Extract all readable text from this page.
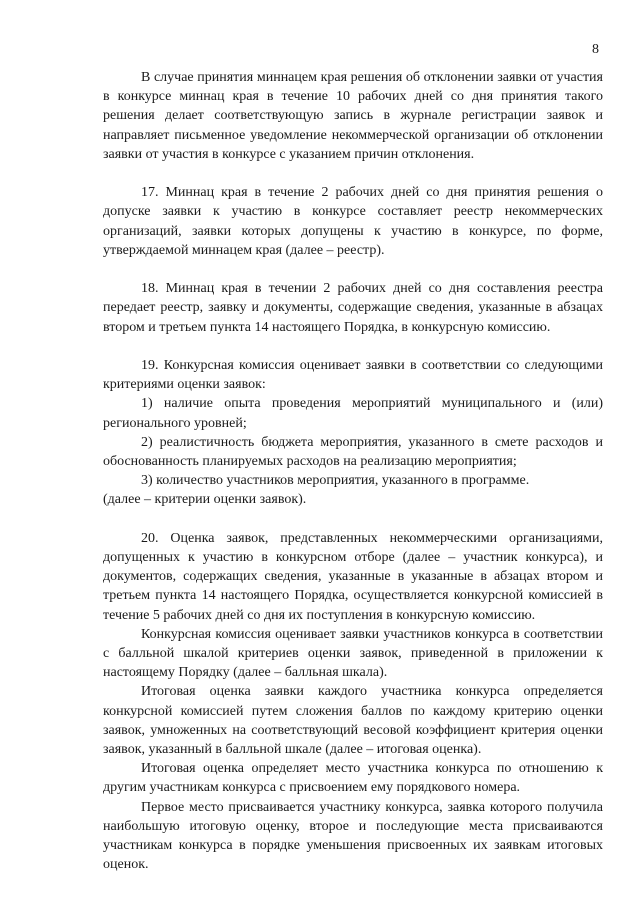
8

В случае принятия миннацем края решения об отклонении заявки от участия в конкурсе миннац края в течение 10 рабочих дней со дня принятия такого решения делает соответствующую запись в журнале регистрации заявок и направляет письменное уведомление некоммерческой организации об отклонении заявки от участия в конкурсе с указанием причин отклонения.

17. Миннац края в течение 2 рабочих дней со дня принятия решения о допуске заявки к участию в конкурсе составляет реестр некоммерческих организаций, заявки которых допущены к участию в конкурсе, по форме, утверждаемой миннацем края (далее – реестр).

18. Миннац края в течении 2 рабочих дней со дня составления реестра передает реестр, заявку и документы, содержащие сведения, указанные в абзацах втором и третьем пункта 14 настоящего Порядка, в конкурсную комиссию.

19. Конкурсная комиссия оценивает заявки в соответствии со следующими критериями оценки заявок:

1) наличие опыта проведения мероприятий муниципального и (или) регионального уровней;

2) реалистичность бюджета мероприятия, указанного в смете расходов и обоснованность планируемых расходов на реализацию мероприятия;

3) количество участников мероприятия, указанного в программе.

(далее – критерии оценки заявок).

20. Оценка заявок, представленных некоммерческими организациями, допущенных к участию в конкурсном отборе (далее – участник конкурса), и документов, содержащих сведения, указанные в указанные в абзацах втором и третьем пункта 14 настоящего Порядка, осуществляется конкурсной комиссией в течение 5 рабочих дней со дня их поступления в конкурсную комиссию.

Конкурсная комиссия оценивает заявки участников конкурса в соответствии с балльной шкалой критериев оценки заявок, приведенной в приложении к настоящему Порядку (далее – балльная шкала).

Итоговая оценка заявки каждого участника конкурса определяется конкурсной комиссией путем сложения баллов по каждому критерию оценки заявок, умноженных на соответствующий весовой коэффициент критерия оценки заявок, указанный в балльной шкале (далее – итоговая оценка).

Итоговая оценка определяет место участника конкурса по отношению к другим участникам конкурса с присвоением ему порядкового номера.

Первое место присваивается участнику конкурса, заявка которого получила наибольшую итоговую оценку, второе и последующие места присваиваются участникам конкурса в порядке уменьшения присвоенных их заявкам итоговых оценок.
